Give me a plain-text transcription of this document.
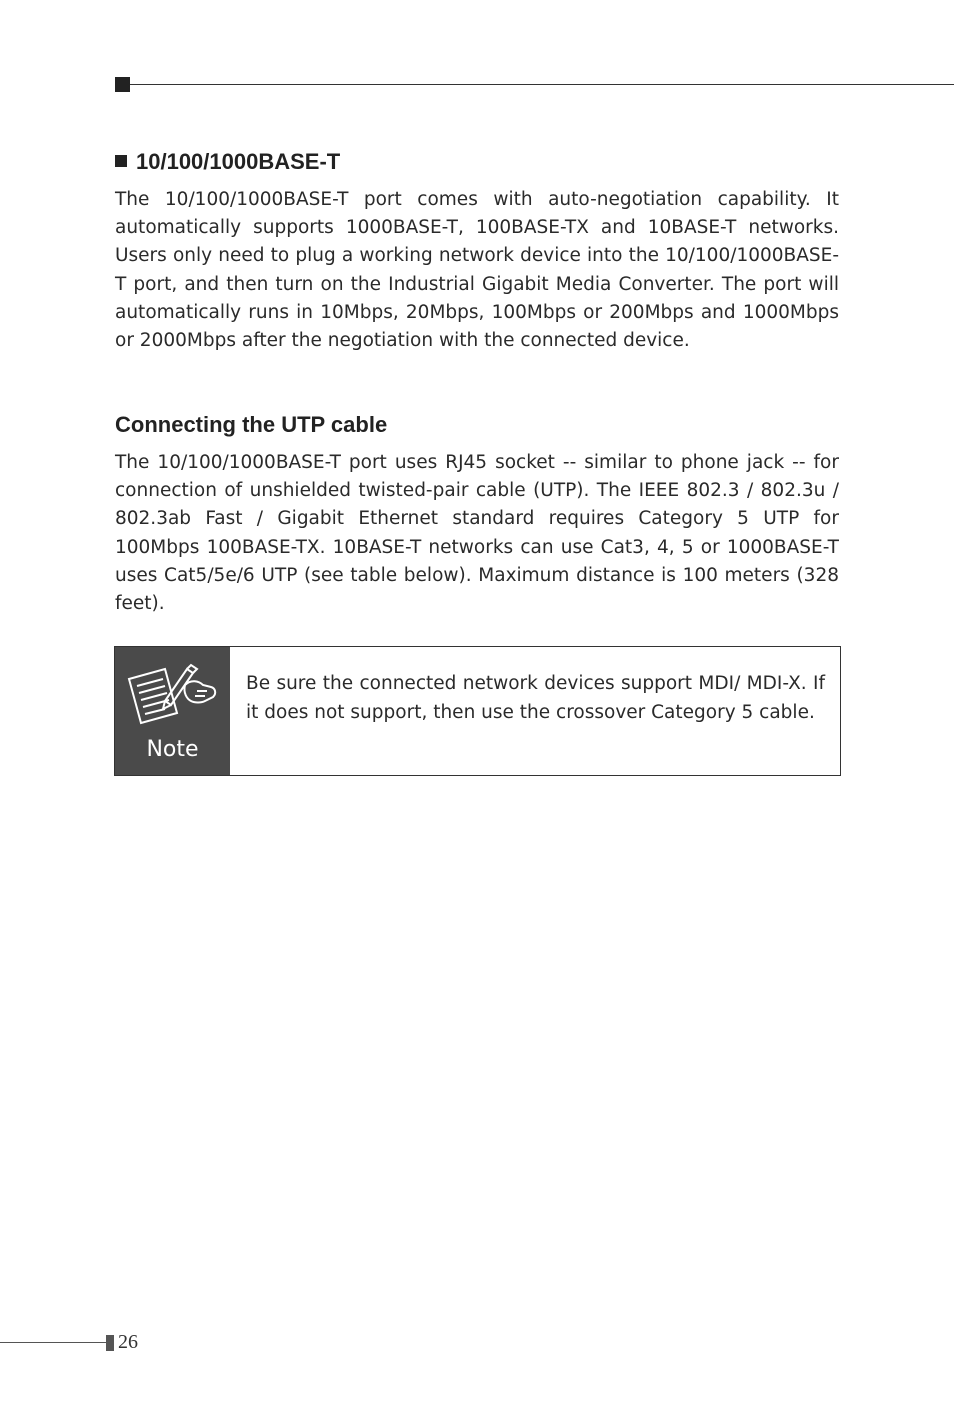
10/100/1000BASE-T

The 10/100/1000BASE-T port comes with auto-negotiation capability. It automatically supports 1000BASE-T, 100BASE-TX and 10BASE-T networks. Users only need to plug a working network device into the 10/100/1000BASE-T port, and then turn on the Industrial Gigabit Media Converter. The port will automatically runs in 10Mbps, 20Mbps, 100Mbps or 200Mbps and 1000Mbps or 2000Mbps after the negotiation with the connected device.

Connecting the UTP cable

The 10/100/1000BASE-T port uses RJ45 socket -- similar to phone jack -- for connection of unshielded twisted-pair cable (UTP). The IEEE 802.3 / 802.3u / 802.3ab Fast / Gigabit Ethernet standard requires Category 5 UTP for 100Mbps 100BASE-TX. 10BASE-T networks can use Cat3, 4, 5 or 1000BASE-T uses Cat5/5e/6 UTP (see table below). Maximum distance is 100 meters (328 feet).

Note

Be sure the connected network devices support MDI/ MDI-X. If it does not support, then use the crossover Category 5 cable.

26
